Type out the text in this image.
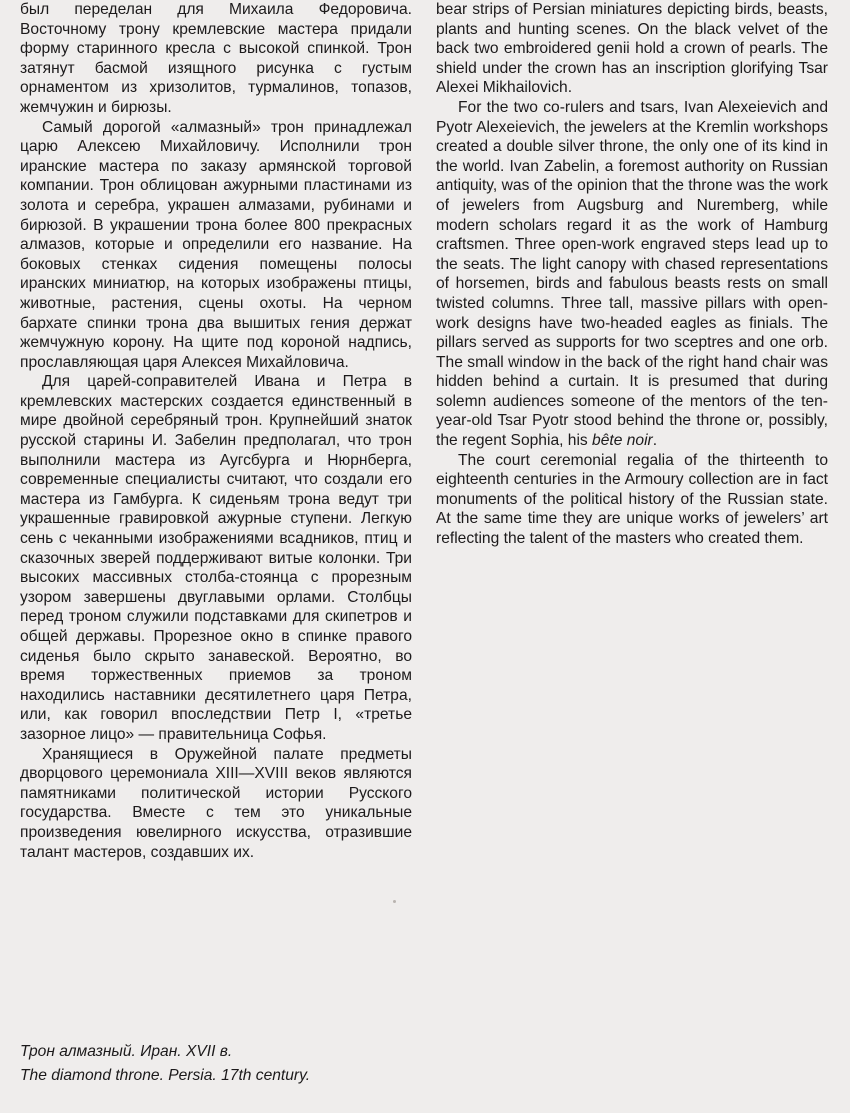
был переделан для Михаила Федоровича. Восточному трону кремлевские мастера придали форму старинного кресла с высокой спинкой. Трон затянут басмой изящного рисунка с густым орнаментом из хризолитов, турмалинов, топазов, жемчужин и бирюзы.

Самый дорогой «алмазный» трон принадлежал царю Алексею Михайловичу. Исполнили трон иранские мастера по заказу армянской торговой компании. Трон облицован ажурными пластинами из золота и серебра, украшен алмазами, рубинами и бирюзой. В украшении трона более 800 прекрасных алмазов, которые и определили его название. На боковых стенках сидения помещены полосы иранских миниатюр, на которых изображены птицы, животные, растения, сцены охоты. На черном бархате спинки трона два вышитых гения держат жемчужную корону. На щите под короной надпись, прославляющая царя Алексея Михайловича.

Для царей-соправителей Ивана и Петра в кремлевских мастерских создается единственный в мире двойной серебряный трон. Крупнейший знаток русской старины И. Забелин предполагал, что трон выполнили мастера из Аугсбурга и Нюрнберга, современные специалисты считают, что создали его мастера из Гамбурга. К сиденьям трона ведут три украшенные гравировкой ажурные ступени. Легкую сень с чеканными изображениями всадников, птиц и сказочных зверей поддерживают витые колонки. Три высоких массивных столба-стоянца с прорезным узором завершены двуглавыми орлами. Столбцы перед троном служили подставками для скипетров и общей державы. Прорезное окно в спинке правого сиденья было скрыто занавеской. Вероятно, во время торжественных приемов за троном находились наставники десятилетнего царя Петра, или, как говорил впоследствии Петр I, «третье зазорное лицо» — правительница Софья.

Хранящиеся в Оружейной палате предметы дворцового церемониала XIII—XVIII веков являются памятниками политической истории Русского государства. Вместе с тем это уникальные произведения ювелирного искусства, отразившие талант мастеров, создавших их.

bear strips of Persian miniatures depicting birds, beasts, plants and hunting scenes. On the black velvet of the back two embroidered genii hold a crown of pearls. The shield under the crown has an inscription glorifying Tsar Alexei Mikhailovich.

For the two co-rulers and tsars, Ivan Alexeievich and Pyotr Alexeievich, the jewelers at the Kremlin workshops created a double silver throne, the only one of its kind in the world. Ivan Zabelin, a foremost authority on Russian antiquity, was of the opinion that the throne was the work of jewelers from Augsburg and Nuremberg, while modern scholars regard it as the work of Hamburg craftsmen. Three open-work engraved steps lead up to the seats. The light canopy with chased representations of horsemen, birds and fabulous beasts rests on small twisted columns. Three tall, massive pillars with open-work designs have two-headed eagles as finials. The pillars served as supports for two sceptres and one orb. The small window in the back of the right hand chair was hidden behind a curtain. It is presumed that during solemn audiences someone of the mentors of the ten-year-old Tsar Pyotr stood behind the throne or, possibly, the regent Sophia, his bête noir.

The court ceremonial regalia of the thirteenth to eighteenth centuries in the Armoury collection are in fact monuments of the political history of the Russian state. At the same time they are unique works of jewelers’ art reflecting the talent of the masters who created them.

Трон алмазный. Иран. XVII в.
The diamond throne. Persia. 17th century.
